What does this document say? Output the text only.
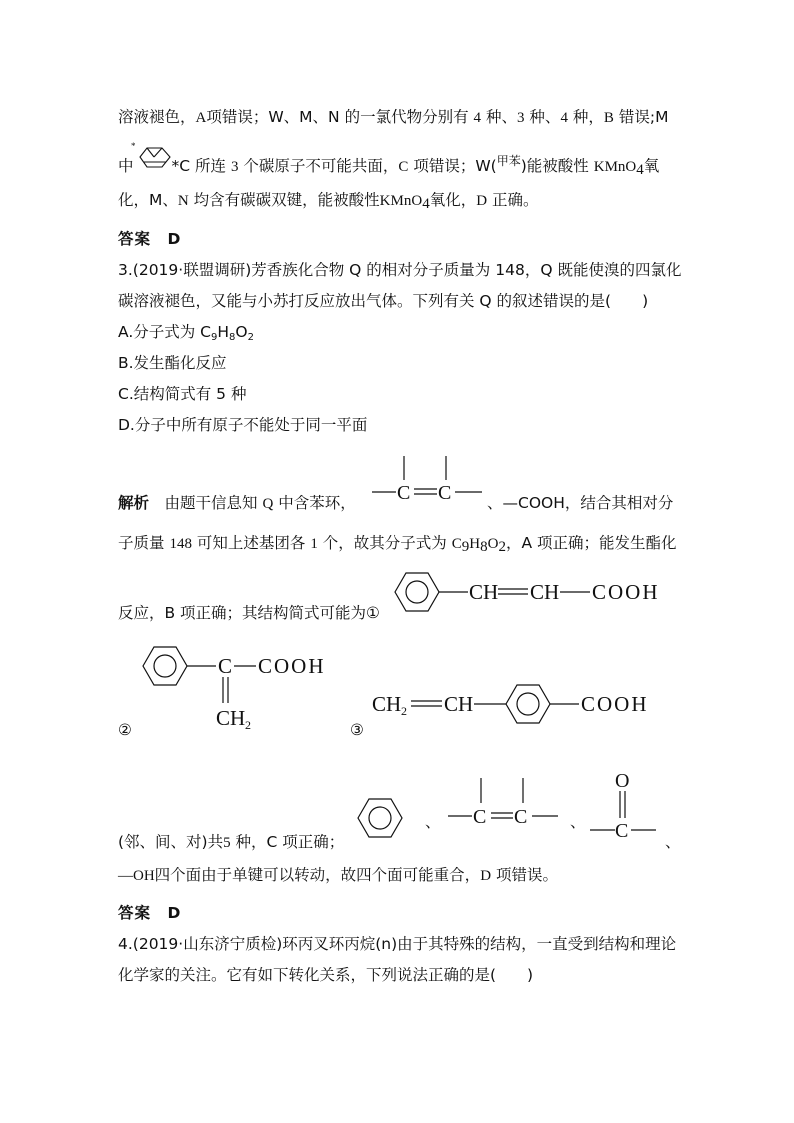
溶液褪色，A项错误；W、M、N 的一氯代物分别有 4 种、3 种、4 种，B 错误;M
中 *C 所连 3 个碳原子不可能共面，C 项错误；W($^{甲苯}$)能被酸性 KMnO$_4$氧
*
化，M、N 均含有碳碳双键，能被酸性KMnO$_4$氧化，D 正确。
答案　D
3.(2019·联盟调研)芳香族化合物 Q 的相对分子质量为 148，Q 既能使溴的四氯化
碳溶液褪色，又能与小苏打反应放出气体。下列有关 Q 的叙述错误的是(　　)
A.分子式为 $C_9H_8O_2$
B.发生酯化反应
C.结构简式有 5 种
D.分子中所有原子不能处于同一平面
解析　 由题干信息知 Q 中含苯环， C C 、—COOH，结合其相对分
子质量 148 可知上述基团各 1 个，故其分子式为 $C_9H_8O_2$，A 项正确；能发生酯化
反应，B 项正确；其结构简式可能为①
CH CH COOH
C COOH
CH 2
②
CH 2 CH	COOH
③
(邻、间、对)共5 种，C 项正确；
、 C C	、
O
C 、
—OH四个面由于单键可以转动，故四个面可能重合，D 项错误。
答案　D
4.(2019·山东济宁质检)环丙叉环丙烷(n)由于其特殊的结构，一直受到结构和理论
化学家的关注。它有如下转化关系，下列说法正确的是(　　)
